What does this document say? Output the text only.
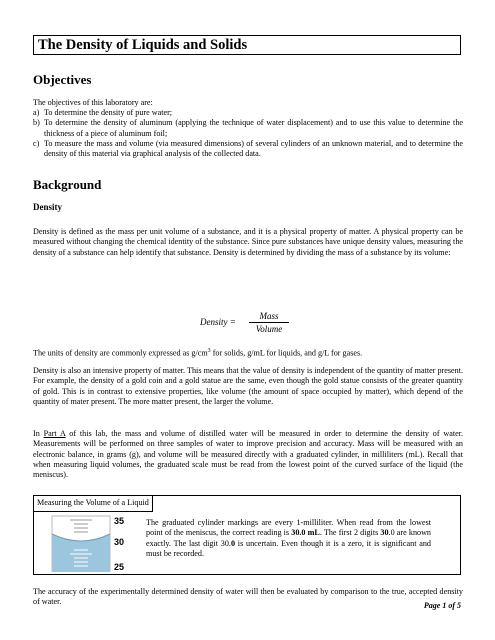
The Density of Liquids and Solids
Objectives
The objectives of this laboratory are:
a) To determine the density of pure water;
b) To determine the density of aluminum (applying the technique of water displacement) and to use this value to determine the thickness of a piece of aluminum foil;
c) To measure the mass and volume (via measured dimensions) of several cylinders of an unknown material, and to determine the density of this material via graphical analysis of the collected data.
Background
Density
Density is defined as the mass per unit volume of a substance, and it is a physical property of matter. A physical property can be measured without changing the chemical identity of the substance. Since pure substances have unique density values, measuring the density of a substance can help identify that substance. Density is determined by dividing the mass of a substance by its volume:
Density =
Mass
Volume
The units of density are commonly expressed as $g/cm^3$ for solids, g/mL for liquids, and g/L for gases.
Density is also an intensive property of matter. This means that the value of density is independent of the quantity of matter present. For example, the density of a gold coin and a gold statue are the same, even though the gold statue consists of the greater quantity of gold. This is in contrast to extensive properties, like volume (the amount of space occupied by matter), which depend of the quantity of mater present. The more matter present, the larger the volume.
In Part A of this lab, the mass and volume of distilled water will be measured in order to determine the density of water. Measurements will be performed on three samples of water to improve precision and accuracy. Mass will be measured with an electronic balance, in grams (g), and volume will be measured directly with a graduated cylinder, in milliliters (mL). Recall that when measuring liquid volumes, the graduated scale must be read from the lowest point of the curved surface of the liquid (the meniscus).
Measuring the Volume of a Liquid
35
30
25
The graduated cylinder markings are every 1-milliliter. When read from the lowest point of the meniscus, the correct reading is 30.0 mL. The first 2 digits 30.0 are known exactly. The last digit 30.0 is uncertain. Even though it is a zero, it is significant and must be recorded.
The accuracy of the experimentally determined density of water will then be evaluated by comparison to the true, accepted density of water.	Page 1 of 5
